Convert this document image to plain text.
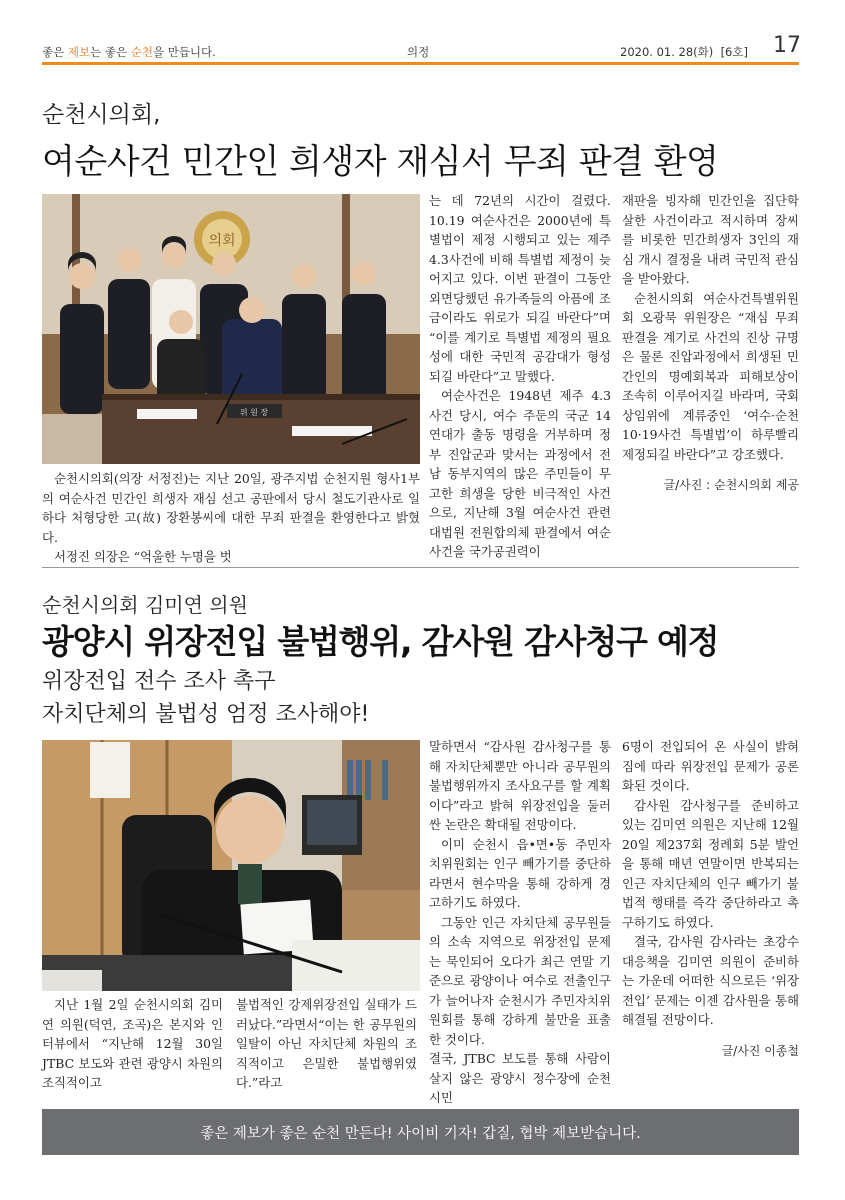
좋은 제보는 좋은 순천을 만듭니다.	의정	2020. 01. 28(화) [6호] 17
순천시의회,
여순사건 민간인 희생자 재심서 무죄 판결 환영
의회
위 원 장

순천시의회(의장 서정진)는 지난 20일, 광주지법 순천지원 형사1부의 여순사건 민간인 희생자 재심 선고 공판에서 당시 철도기관사로 일하다 처형당한 고(故) 장환봉씨에 대한 무죄 판결을 환영한다고 밝혔다.

서정진 의장은 “억울한 누명을 벗

는 데 72년의 시간이 걸렸다. 10.19 여순사건은 2000년에 특별법이 제정 시행되고 있는 제주 4.3사건에 비해 특별법 제정이 늦어지고 있다. 이번 판결이 그동안 외면당했던 유가족들의 아픔에 조금이라도 위로가 되길 바란다”며 “이를 계기로 특별법 제정의 필요성에 대한 국민적 공감대가 형성되길 바란다”고 말했다.

여순사건은 1948년 제주 4.3사건 당시, 여수 주둔의 국군 14연대가 출동 명령을 거부하며 정부 진압군과 맞서는 과정에서 전남 동부지역의 많은 주민들이 무고한 희생을 당한 비극적인 사건으로, 지난해 3월 여순사건 관련 대법원 전원합의체 판결에서 여순사건을 국가공권력이

재판을 빙자해 민간인을 집단학살한 사건이라고 적시하며 장씨를 비롯한 민간희생자 3인의 재심 개시 결정을 내려 국민적 관심을 받아왔다.

순천시의회 여순사건특별위원회 오광묵 위원장은 “재심 무죄 판결을 계기로 사건의 진상 규명은 물론 진압과정에서 희생된 민간인의 명예회복과 피해보상이 조속히 이루어지길 바라며, 국회 상임위에 계류중인 ‘여수·순천 10·19사건 특별법’이 하루빨리 제정되길 바란다”고 강조했다.

글/사진 : 순천시의회 제공
순천시의회 김미연 의원
광양시 위장전입 불법행위, 감사원 감사청구 예정
위장전입 전수 조사 촉구
자치단체의 불법성 엄정 조사해야!

지난 1월 2일 순천시의회 김미연 의원(덕연, 조곡)은 본지와 인터뷰에서 “지난해 12월 30일 JTBC 보도와 관련 광양시 차원의 조직적이고

불법적인 강제위장전입 실태가 드러났다.”라면서“이는 한 공무원의 일탈이 아닌 자치단체 차원의 조직적이고 은밀한 불법행위였다.”라고

말하면서 “감사원 감사청구를 통해 자치단체뿐만 아니라 공무원의 불법행위까지 조사요구를 할 계획이다”라고 밝혀 위장전입을 둘러싼 논란은 확대될 전망이다.

이미 순천시 읍•면•동 주민자치위원회는 인구 빼가기를 중단하라면서 현수막을 통해 강하게 경고하기도 하였다.

그동안 인근 자치단체 공무원들의 소속 지역으로 위장전입 문제는 묵인되어 오다가 최근 연말 기준으로 광양이나 여수로 전출인구가 늘어나자 순천시가 주민자치위원회를 통해 강하게 불만을 표출한 것이다.

결국, JTBC 보도를 통해 사람이 살지 않은 광양시 정수장에 순천시민

6명이 전입되어 온 사실이 밝혀짐에 따라 위장전입 문제가 공론화된 것이다.

감사원 감사청구를 준비하고 있는 김미연 의원은 지난해 12월 20일 제237회 정례회 5분 발언을 통해 매년 연말이면 반복되는 인근 자치단체의 인구 빼가기 불법적 행태를 즉각 중단하라고 촉구하기도 하였다.

결국, 감사원 감사라는 초강수 대응책을 김미연 의원이 준비하는 가운데 어떠한 식으로든 ‘위장전입’ 문제는 이젠 감사원을 통해 해결될 전망이다.

글/사진 이종철
좋은 제보가 좋은 순천 만든다! 사이비 기자! 갑질, 협박 제보받습니다.
